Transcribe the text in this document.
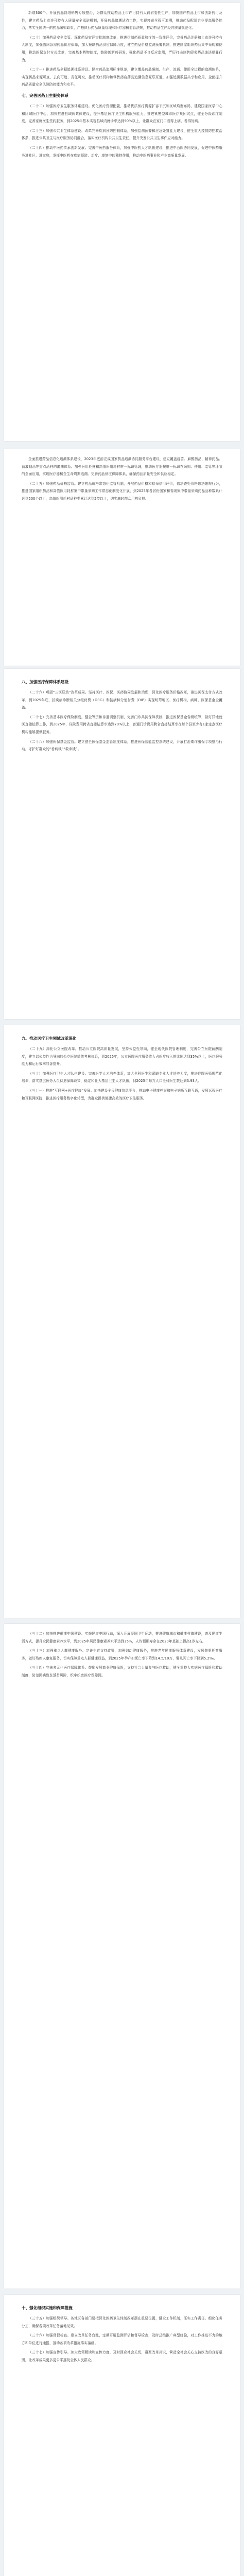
新增300个。开展药品网络销售专项整治，为群众推动药品上市许可持有人跨省委托生产，加快国产药品上市和创新药可及性，建立药品上市许可持有人质量安全承诺机制，开展药品追溯试点工作，实现疫苗全程可追溯，推动药品配送企业提高服务能力，落实全国统一的药品采购政策，严格执行药品质量管理和医疗器械监管法规，推动药品生产经营质量规范化。
（二十）加强药品安全监管。深化药品审评审批制度改革，推进仿制药质量和疗效一致性评价，完善药品注册和上市许可持有人制度，加强临床急需药品供应保障，加大短缺药品供应保障力度，建立药品价格监测预警机制，推进国家组织药品集中采购和使用，推动医保支付方式改革，完善基本药物制度，鼓励创新药研发，强化药品不良反应监测，严厉打击制售假劣药品违法犯罪行为。
（二十一）推进药品全程追溯体系建设。健全药品追溯标准规范，建立覆盖药品研制、生产、流通、使用全过程的追溯体系，实现药品来源可查、去向可追、责任可究，推动医疗机构和零售药店药品追溯信息互联互通，加强追溯数据共享和应用，全面提升药品质量安全风险防控能力和水平。
七、完善医药卫生服务体系
（二十二）加强医疗卫生服务体系建设。优化医疗资源配置，推动优质医疗资源扩容下沉和区域均衡布局，建设国家医学中心和区域医疗中心，加快推进县域医共体建设，提升基层医疗卫生机构服务能力，推进紧密型城市医疗集团试点，健全分级诊疗制度，完善家庭医生签约服务，到2025年基本实现县域内就诊率达到90%以上，让群众在家门口看得上病、看得好病。
（二十三）加强公共卫生体系建设。改革完善疾病预防控制体系，加强监测预警和应急处置能力建设，健全重大疫情防控救治体系，推进公共卫生与医疗服务协同融合，落实医疗机构公共卫生责任，提升突发公共卫生事件应对能力。
（二十四）推动中医药传承创新发展。完善中医药服务体系，加强中医药人才队伍建设，推进中西医协同发展，促进中医药服务进社区、进家庭，发挥中医药在疾病预防、治疗、康复中的独特作用，推动中医药事业和产业高质量发展。
全面推进药品信息化追溯体系建设，2023年底前完成国家药品追溯协同服务平台建设，建立覆盖疫苗、麻醉药品、精神药品、血液制品等重点品种的追溯体系。加强医用耗材和高值医用耗材唯一标识管理，推动医疗器械唯一标识在采购、使用、监管等环节的全面应用，实现医疗器械全生命周期追溯。完善药品供应保障体系，确保药品质量安全和供应稳定。
（二十五）加强药品价格监管。建立药品价格常态化监管机制，开展药品价格和招采信用评价，依法查处价格违法违规行为，推进国家组织药品和高值医用耗材集中带量采购工作常态化制度化开展，到2025年各省份国家和省级集中带量采购药品品种数累计达到500个以上，高值医用耗材品种类累计达到5类以上，切实减轻群众用药负担。
八、加强医疗保障体系建设
（二十六）巩固“三医联动”改革成果。坚持医疗、医保、医药协同发展和治理，深化医疗服务价格改革，推进医保支付方式改革，到2025年底，按疾病诊断相关分组付费（DRG）和按病种分值付费（DIP）实现统筹地区、医疗机构、病种、医保基金全覆盖。
（二十七）完善基本医疗保险制度。健全筹资和待遇调整机制，完善门诊共济保障机制，推进医保基金省级统筹，做好异地就医直接结算工作，到2025年，住院费用跨省直接结算率达到70%以上，普通门诊费用跨省直接结算率在每个县至少有1家定点医疗机构能够提供服务。
（二十八）加强医保基金监管。建立健全医保基金监管制度体系，推进医保智能监控系统建设，开展打击欺诈骗保专项整治行动，守护好群众的“看病钱”“救命钱”。
九、推动医疗卫生领域改革深化
（二十九）深化公立医院改革。推动公立医院高质量发展，坚持公益性导向，健全现代医院管理制度，完善公立医院薪酬制度，建立以公益性为导向的公立医院绩效考核体系，到2025年，公立医院医疗服务收入占医疗收入的比例达到35%以上，医疗服务能力和运行效率显著提升。
（三十）加强医疗卫生人才队伍建设。完善医学人才培养体系，加大全科医生和紧缺专业人才培养力度，推进住院医师规范化培训，落实基层医务人员待遇保障政策，稳定和壮大基层卫生人才队伍，到2025年每万人口全科医生数达到3.93人。
（三十一）推进“互联网+医疗健康”发展。加快建设全民健康信息平台，推动电子健康档案和电子病历互联互通，发展远程医疗和互联网医院，推进医疗服务数字化转型，为群众提供便捷高效的医疗卫生服务。
（三十二）加快推进健康中国建设。实施健康中国行动，深入开展爱国卫生运动，推进健康城市和健康村镇建设，普及健康生活方式，提升全民健康素养水平，到2025年居民健康素养水平达到25%，人均预期寿命在2020年基础上提高1岁左右。
（三十三）加强重点人群健康服务。完善生育支持政策，加强妇幼健康服务，推进老年健康服务体系建设，发展普惠托育服务，做好残疾人康复服务，切实保障重点人群健康权益，到2025年孕产妇死亡率下降到14.5/10万，婴儿死亡率下降到5.2‰。
（三十四）完善多元化医疗保障体系。鼓励发展商业健康保险，支持社会力量参与医疗救助，健全重特大疾病医疗保险和救助制度，防范因病致贫返贫风险，织牢织密医疗保障网。
十、强化组织实施和保障措施
（三十五）加强组织领导。各地区各部门要把深化医药卫生体制改革摆在重要位置，健全工作机制，压实工作责任，细化任务分工，确保各项改革任务落地见效。
（三十六）加强督促检查。建立改革任务台账，定期开展监测评估和督导检查，及时总结推广典型经验，对工作推进不力的地方和单位进行通报，推动各项改革措施落实落细。
（三十七）加强宣传引导。加大政策解读和宣传力度，及时回应社会关切，凝聚改革共识，营造全社会关心支持医改的良好氛围，让改革成果更多更公平惠及全体人民群众。
